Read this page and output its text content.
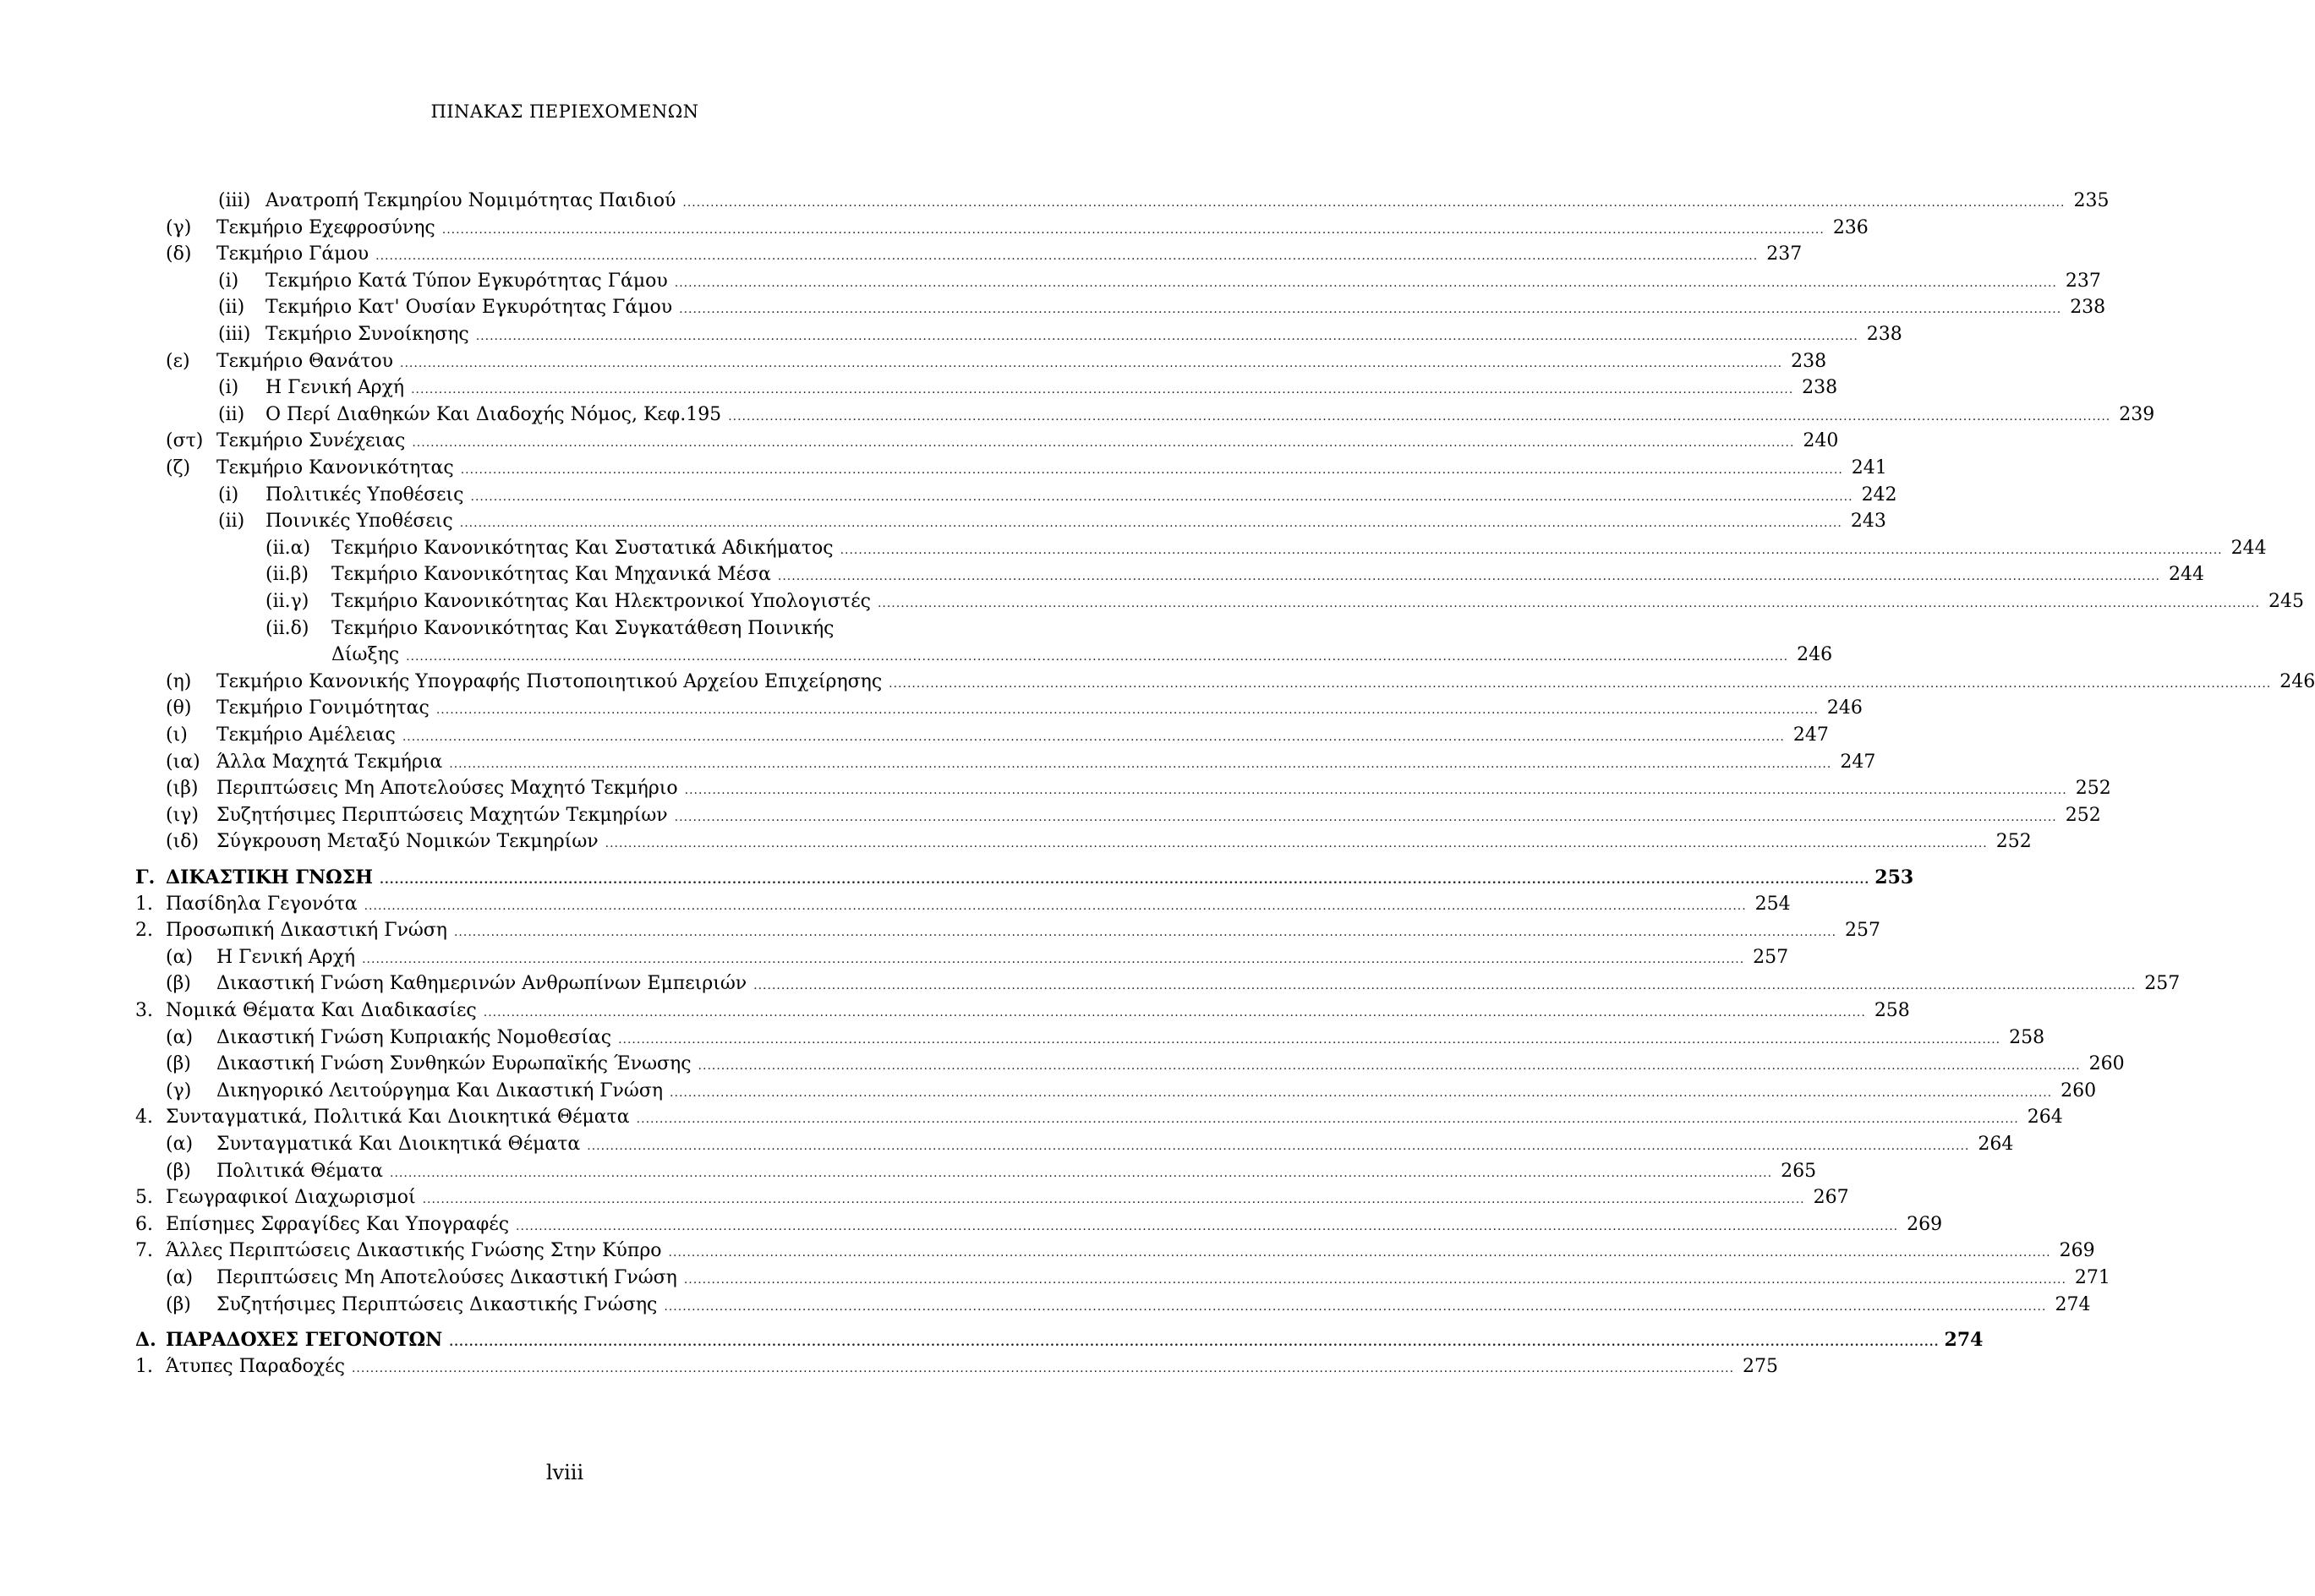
ΠΙΝΑΚΑΣ ΠΕΡΙΕΧΟΜΕΝΩΝ
(iii) Ανατροπή Τεκμηρίου Νομιμότητας Παιδιού ............................................................................................................................................................................................................................................................................................................ 235
(γ) Τεκμήριο Εχεφροσύνης ............................................................................................................................................................................................................................................................................................................ 236
(δ) Τεκμήριο Γάμου ............................................................................................................................................................................................................................................................................................................ 237
(i) Τεκμήριο Κατά Τύπον Εγκυρότητας Γάμου ............................................................................................................................................................................................................................................................................................................ 237
(ii) Τεκμήριο Κατ' Ουσίαν Εγκυρότητας Γάμου ............................................................................................................................................................................................................................................................................................................ 238
(iii) Τεκμήριο Συνοίκησης ............................................................................................................................................................................................................................................................................................................ 238
(ε) Τεκμήριο Θανάτου ............................................................................................................................................................................................................................................................................................................ 238
(i) Η Γενική Αρχή ............................................................................................................................................................................................................................................................................................................ 238
(ii) Ο Περί Διαθηκών Και Διαδοχής Νόμος, Κεφ.195 ............................................................................................................................................................................................................................................................................................................ 239
(στ) Τεκμήριο Συνέχειας ............................................................................................................................................................................................................................................................................................................ 240
(ζ) Τεκμήριο Κανονικότητας ............................................................................................................................................................................................................................................................................................................ 241
(i) Πολιτικές Υποθέσεις ............................................................................................................................................................................................................................................................................................................ 242
(ii) Ποινικές Υποθέσεις ............................................................................................................................................................................................................................................................................................................ 243
(ii.α) Τεκμήριο Κανονικότητας Και Συστατικά Αδικήματος ............................................................................................................................................................................................................................................................................................................ 244
(ii.β) Τεκμήριο Κανονικότητας Και Μηχανικά Μέσα ............................................................................................................................................................................................................................................................................................................ 244
(ii.γ) Τεκμήριο Κανονικότητας Και Ηλεκτρονικοί Υπολογιστές ............................................................................................................................................................................................................................................................................................................ 245
(ii.δ) Τεκμήριο Κανονικότητας Και Συγκατάθεση Ποινικής
Δίωξης ............................................................................................................................................................................................................................................................................................................ 246
(η) Τεκμήριο Κανονικής Υπογραφής Πιστοποιητικού Αρχείου Επιχείρησης ............................................................................................................................................................................................................................................................................................................ 246
(θ) Τεκμήριο Γονιμότητας ............................................................................................................................................................................................................................................................................................................ 246
(ι) Τεκμήριο Αμέλειας ............................................................................................................................................................................................................................................................................................................ 247
(ια) Άλλα Μαχητά Τεκμήρια ............................................................................................................................................................................................................................................................................................................ 247
(ιβ) Περιπτώσεις Μη Αποτελούσες Μαχητό Τεκμήριο ............................................................................................................................................................................................................................................................................................................ 252
(ιγ) Συζητήσιμες Περιπτώσεις Μαχητών Τεκμηρίων ............................................................................................................................................................................................................................................................................................................ 252
(ιδ) Σύγκρουση Μεταξύ Νομικών Τεκμηρίων ............................................................................................................................................................................................................................................................................................................ 252
Γ. ΔΙΚΑΣΤΙΚΗ ΓΝΩΣΗ ............................................................................................................................................................................................................................................................................................................ 253
1. Πασίδηλα Γεγονότα ............................................................................................................................................................................................................................................................................................................ 254
2. Προσωπική Δικαστική Γνώση ............................................................................................................................................................................................................................................................................................................ 257
(α) Η Γενική Αρχή ............................................................................................................................................................................................................................................................................................................ 257
(β) Δικαστική Γνώση Καθημερινών Ανθρωπίνων Εμπειριών ............................................................................................................................................................................................................................................................................................................ 257
3. Νομικά Θέματα Και Διαδικασίες ............................................................................................................................................................................................................................................................................................................ 258
(α) Δικαστική Γνώση Κυπριακής Νομοθεσίας ............................................................................................................................................................................................................................................................................................................ 258
(β) Δικαστική Γνώση Συνθηκών Ευρωπαϊκής Ένωσης ............................................................................................................................................................................................................................................................................................................ 260
(γ) Δικηγορικό Λειτούργημα Και Δικαστική Γνώση ............................................................................................................................................................................................................................................................................................................ 260
4. Συνταγματικά, Πολιτικά Και Διοικητικά Θέματα ............................................................................................................................................................................................................................................................................................................ 264
(α) Συνταγματικά Και Διοικητικά Θέματα ............................................................................................................................................................................................................................................................................................................ 264
(β) Πολιτικά Θέματα ............................................................................................................................................................................................................................................................................................................ 265
5. Γεωγραφικοί Διαχωρισμοί ............................................................................................................................................................................................................................................................................................................ 267
6. Επίσημες Σφραγίδες Και Υπογραφές ............................................................................................................................................................................................................................................................................................................ 269
7. Άλλες Περιπτώσεις Δικαστικής Γνώσης Στην Κύπρο ............................................................................................................................................................................................................................................................................................................ 269
(α) Περιπτώσεις Μη Αποτελούσες Δικαστική Γνώση ............................................................................................................................................................................................................................................................................................................ 271
(β) Συζητήσιμες Περιπτώσεις Δικαστικής Γνώσης ............................................................................................................................................................................................................................................................................................................ 274
Δ. ΠΑΡΑΔΟΧΕΣ ΓΕΓΟΝΟΤΩΝ ............................................................................................................................................................................................................................................................................................................ 274
1. Άτυπες Παραδοχές ............................................................................................................................................................................................................................................................................................................ 275
lviii
